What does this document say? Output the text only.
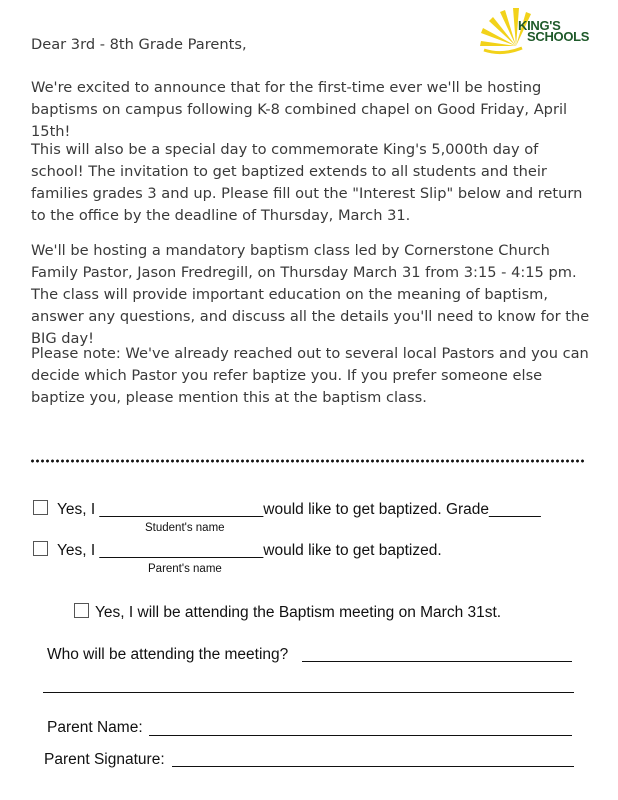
KING'S
SCHOOLS

Dear 3rd - 8th Grade Parents,

We're excited to announce that for the first-time ever we'll be hosting baptisms on campus following K-8 combined chapel on Good Friday, April 15th!

This will also be a special day to commemorate King's 5,000th day of school! The invitation to get baptized extends to all students and their families grades 3 and up. Please fill out the "Interest Slip" below and return to the office by the deadline of Thursday, March 31.

We'll be hosting a mandatory baptism class led by Cornerstone Church Family Pastor, Jason Fredregill, on Thursday March 31 from 3:15 - 4:15 pm. The class will provide important education on the meaning of baptism, answer any questions, and discuss all the details you'll need to know for the BIG day!

Please note: We've already reached out to several local Pastors and you can decide which Pastor you refer baptize you. If you prefer someone else baptize you, please mention this at the baptism class.

Yes, I ___________________would like to get baptized. Grade______
Student's name
Yes, I ___________________would like to get baptized.
Parent's name
Yes, I will be attending the Baptism meeting on March 31st.
Who will be attending the meeting?
Parent Name:
Parent Signature:
